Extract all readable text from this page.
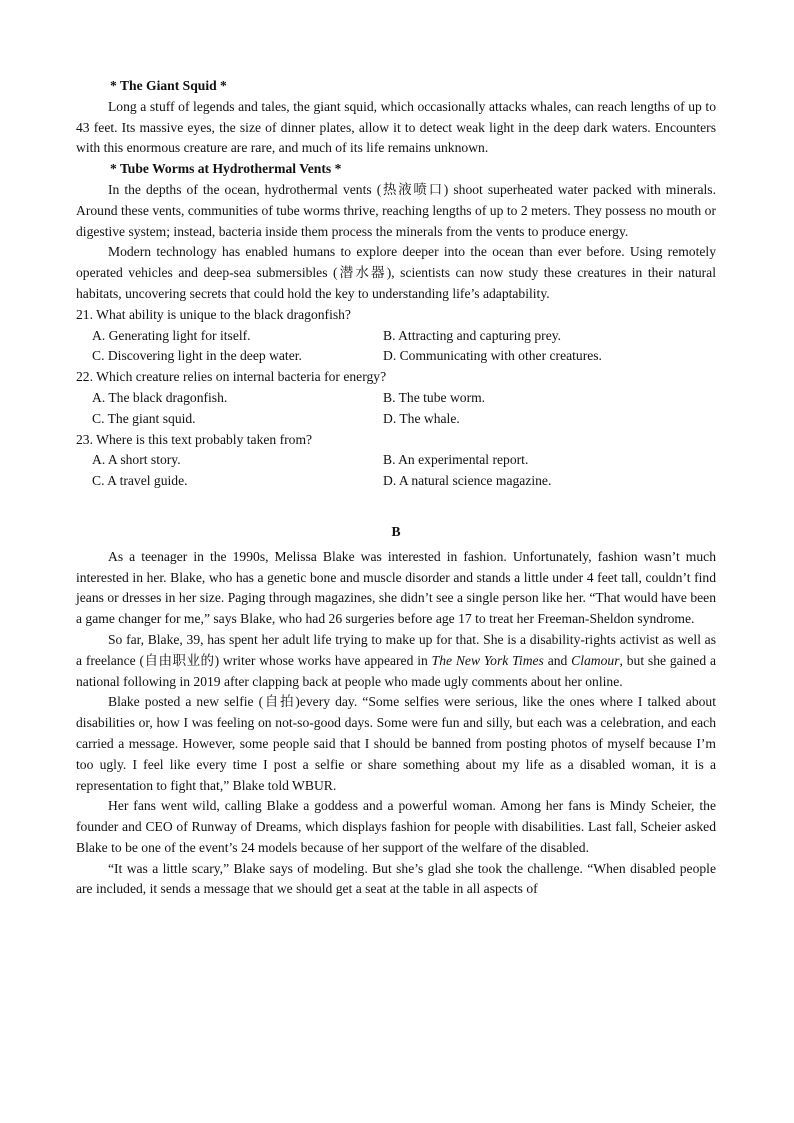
* The Giant Squid *

Long a stuff of legends and tales, the giant squid, which occasionally attacks whales, can reach lengths of up to 43 feet. Its massive eyes, the size of dinner plates, allow it to detect weak light in the deep dark waters. Encounters with this enormous creature are rare, and much of its life remains unknown.

* Tube Worms at Hydrothermal Vents *

In the depths of the ocean, hydrothermal vents (热液喷口) shoot superheated water packed with minerals. Around these vents, communities of tube worms thrive, reaching lengths of up to 2 meters. They possess no mouth or digestive system; instead, bacteria inside them process the minerals from the vents to produce energy.

Modern technology has enabled humans to explore deeper into the ocean than ever before. Using remotely operated vehicles and deep-sea submersibles (潜水器), scientists can now study these creatures in their natural habitats, uncovering secrets that could hold the key to understanding life’s adaptability.

21. What ability is unique to the black dragonfish?

A. Generating light for itself.	B. Attracting and capturing prey.
C. Discovering light in the deep water.	D. Communicating with other creatures.

22. Which creature relies on internal bacteria for energy?

A. The black dragonfish.	B. The tube worm.
C. The giant squid.	D. The whale.

23. Where is this text probably taken from?

A. A short story.	B. An experimental report.
C. A travel guide.	D. A natural science magazine.
B

As a teenager in the 1990s, Melissa Blake was interested in fashion. Unfortunately, fashion wasn’t much interested in her. Blake, who has a genetic bone and muscle disorder and stands a little under 4 feet tall, couldn’t find jeans or dresses in her size. Paging through magazines, she didn’t see a single person like her. “That would have been a game changer for me,” says Blake, who had 26 surgeries before age 17 to treat her Freeman-Sheldon syndrome.

So far, Blake, 39, has spent her adult life trying to make up for that. She is a disability-rights activist as well as a freelance (自由职业的) writer whose works have appeared in The New York Times and Clamour, but she gained a national following in 2019 after clapping back at people who made ugly comments about her online.

Blake posted a new selfie (自拍)every day. “Some selfies were serious, like the ones where I talked about disabilities or, how I was feeling on not-so-good days. Some were fun and silly, but each was a celebration, and each carried a message. However, some people said that I should be banned from posting photos of myself because I’m too ugly. I feel like every time I post a selfie or share something about my life as a disabled woman, it is a representation to fight that,” Blake told WBUR.

Her fans went wild, calling Blake a goddess and a powerful woman. Among her fans is Mindy Scheier, the founder and CEO of Runway of Dreams, which displays fashion for people with disabilities. Last fall, Scheier asked Blake to be one of the event’s 24 models because of her support of the welfare of the disabled.

“It was a little scary,” Blake says of modeling. But she’s glad she took the challenge. “When disabled people are included, it sends a message that we should get a seat at the table in all aspects of
